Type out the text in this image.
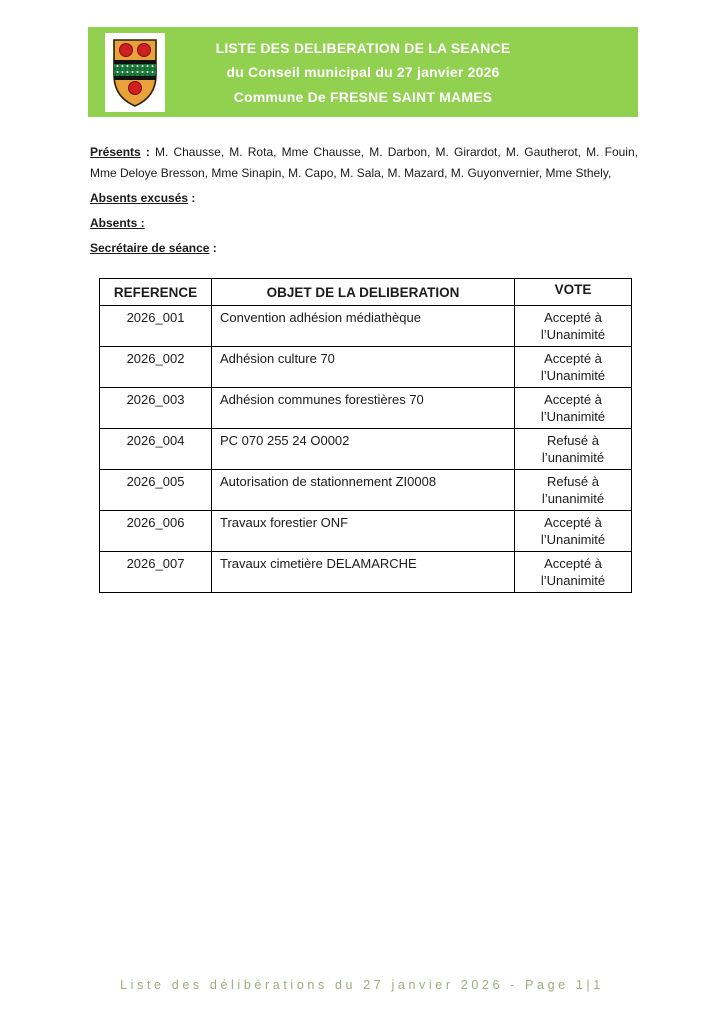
LISTE DES DELIBERATION DE LA SEANCE
du Conseil municipal du 27 janvier 2026
Commune De FRESNE SAINT MAMES
Présents : M. Chausse, M. Rota, Mme Chausse, M. Darbon, M. Girardot, M. Gautherot, M. Fouin,
Mme Deloye Bresson, Mme Sinapin, M. Capo, M. Sala, M. Mazard, M. Guyonvernier, Mme Sthely,
Absents excusés :
Absents :
Secrétaire de séance :
REFERENCE	OBJET DE LA DELIBERATION	VOTE
2026_001	Convention adhésion médiathèque	Accepté à l’Unanimité
2026_002	Adhésion culture 70	Accepté à l’Unanimité
2026_003	Adhésion communes forestières 70	Accepté à l’Unanimité
2026_004	PC 070 255 24 O0002	Refusé à l’unanimité
2026_005	Autorisation de stationnement ZI0008	Refusé à l’unanimité
2026_006	Travaux forestier ONF	Accepté à l’Unanimité
2026_007	Travaux cimetière DELAMARCHE	Accepté à l’Unanimité
Liste des délibérations du 27 janvier 2026 - Page 1|1
